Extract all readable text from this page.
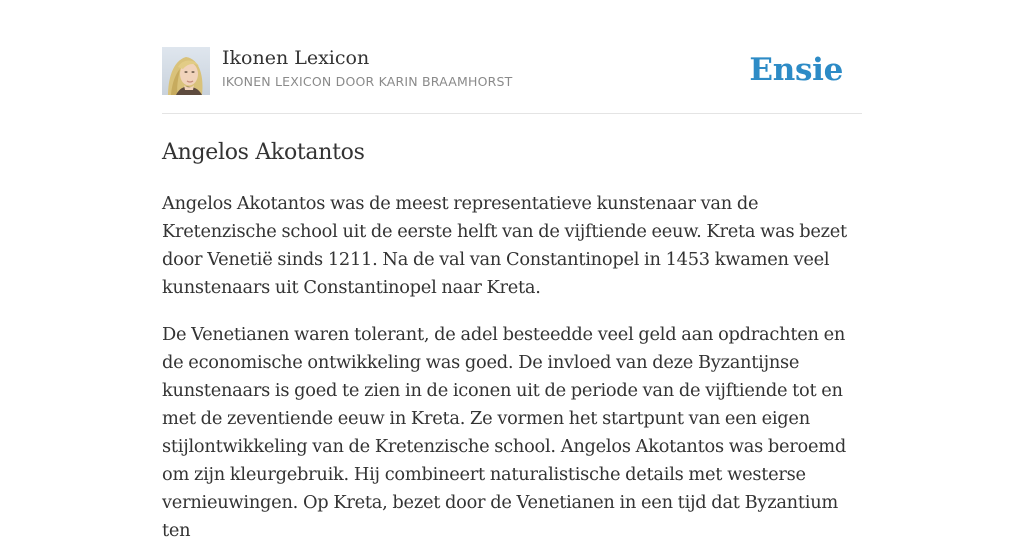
Ikonen Lexicon
IKONEN LEXICON DOOR KARIN BRAAMHORST	Ensie
Angelos Akotantos

Angelos Akotantos was de meest representatieve kunstenaar van de Kretenzische school uit de eerste helft van de vijftiende eeuw. Kreta was bezet door Venetië sinds 1211. Na de val van Constantinopel in 1453 kwamen veel kunstenaars uit Constantinopel naar Kreta.

De Venetianen waren tolerant, de adel besteedde veel geld aan opdrachten en de economische ontwikkeling was goed. De invloed van deze Byzantijnse kunstenaars is goed te zien in de iconen uit de periode van de vijftiende tot en met de zeventiende eeuw in Kreta. Ze vormen het startpunt van een eigen stijlontwikkeling van de Kretenzische school. Angelos Akotantos was beroemd om zijn kleurgebruik. Hij combineert naturalistische details met westerse vernieuwingen. Op Kreta, bezet door de Venetianen in een tijd dat Byzantium ten
